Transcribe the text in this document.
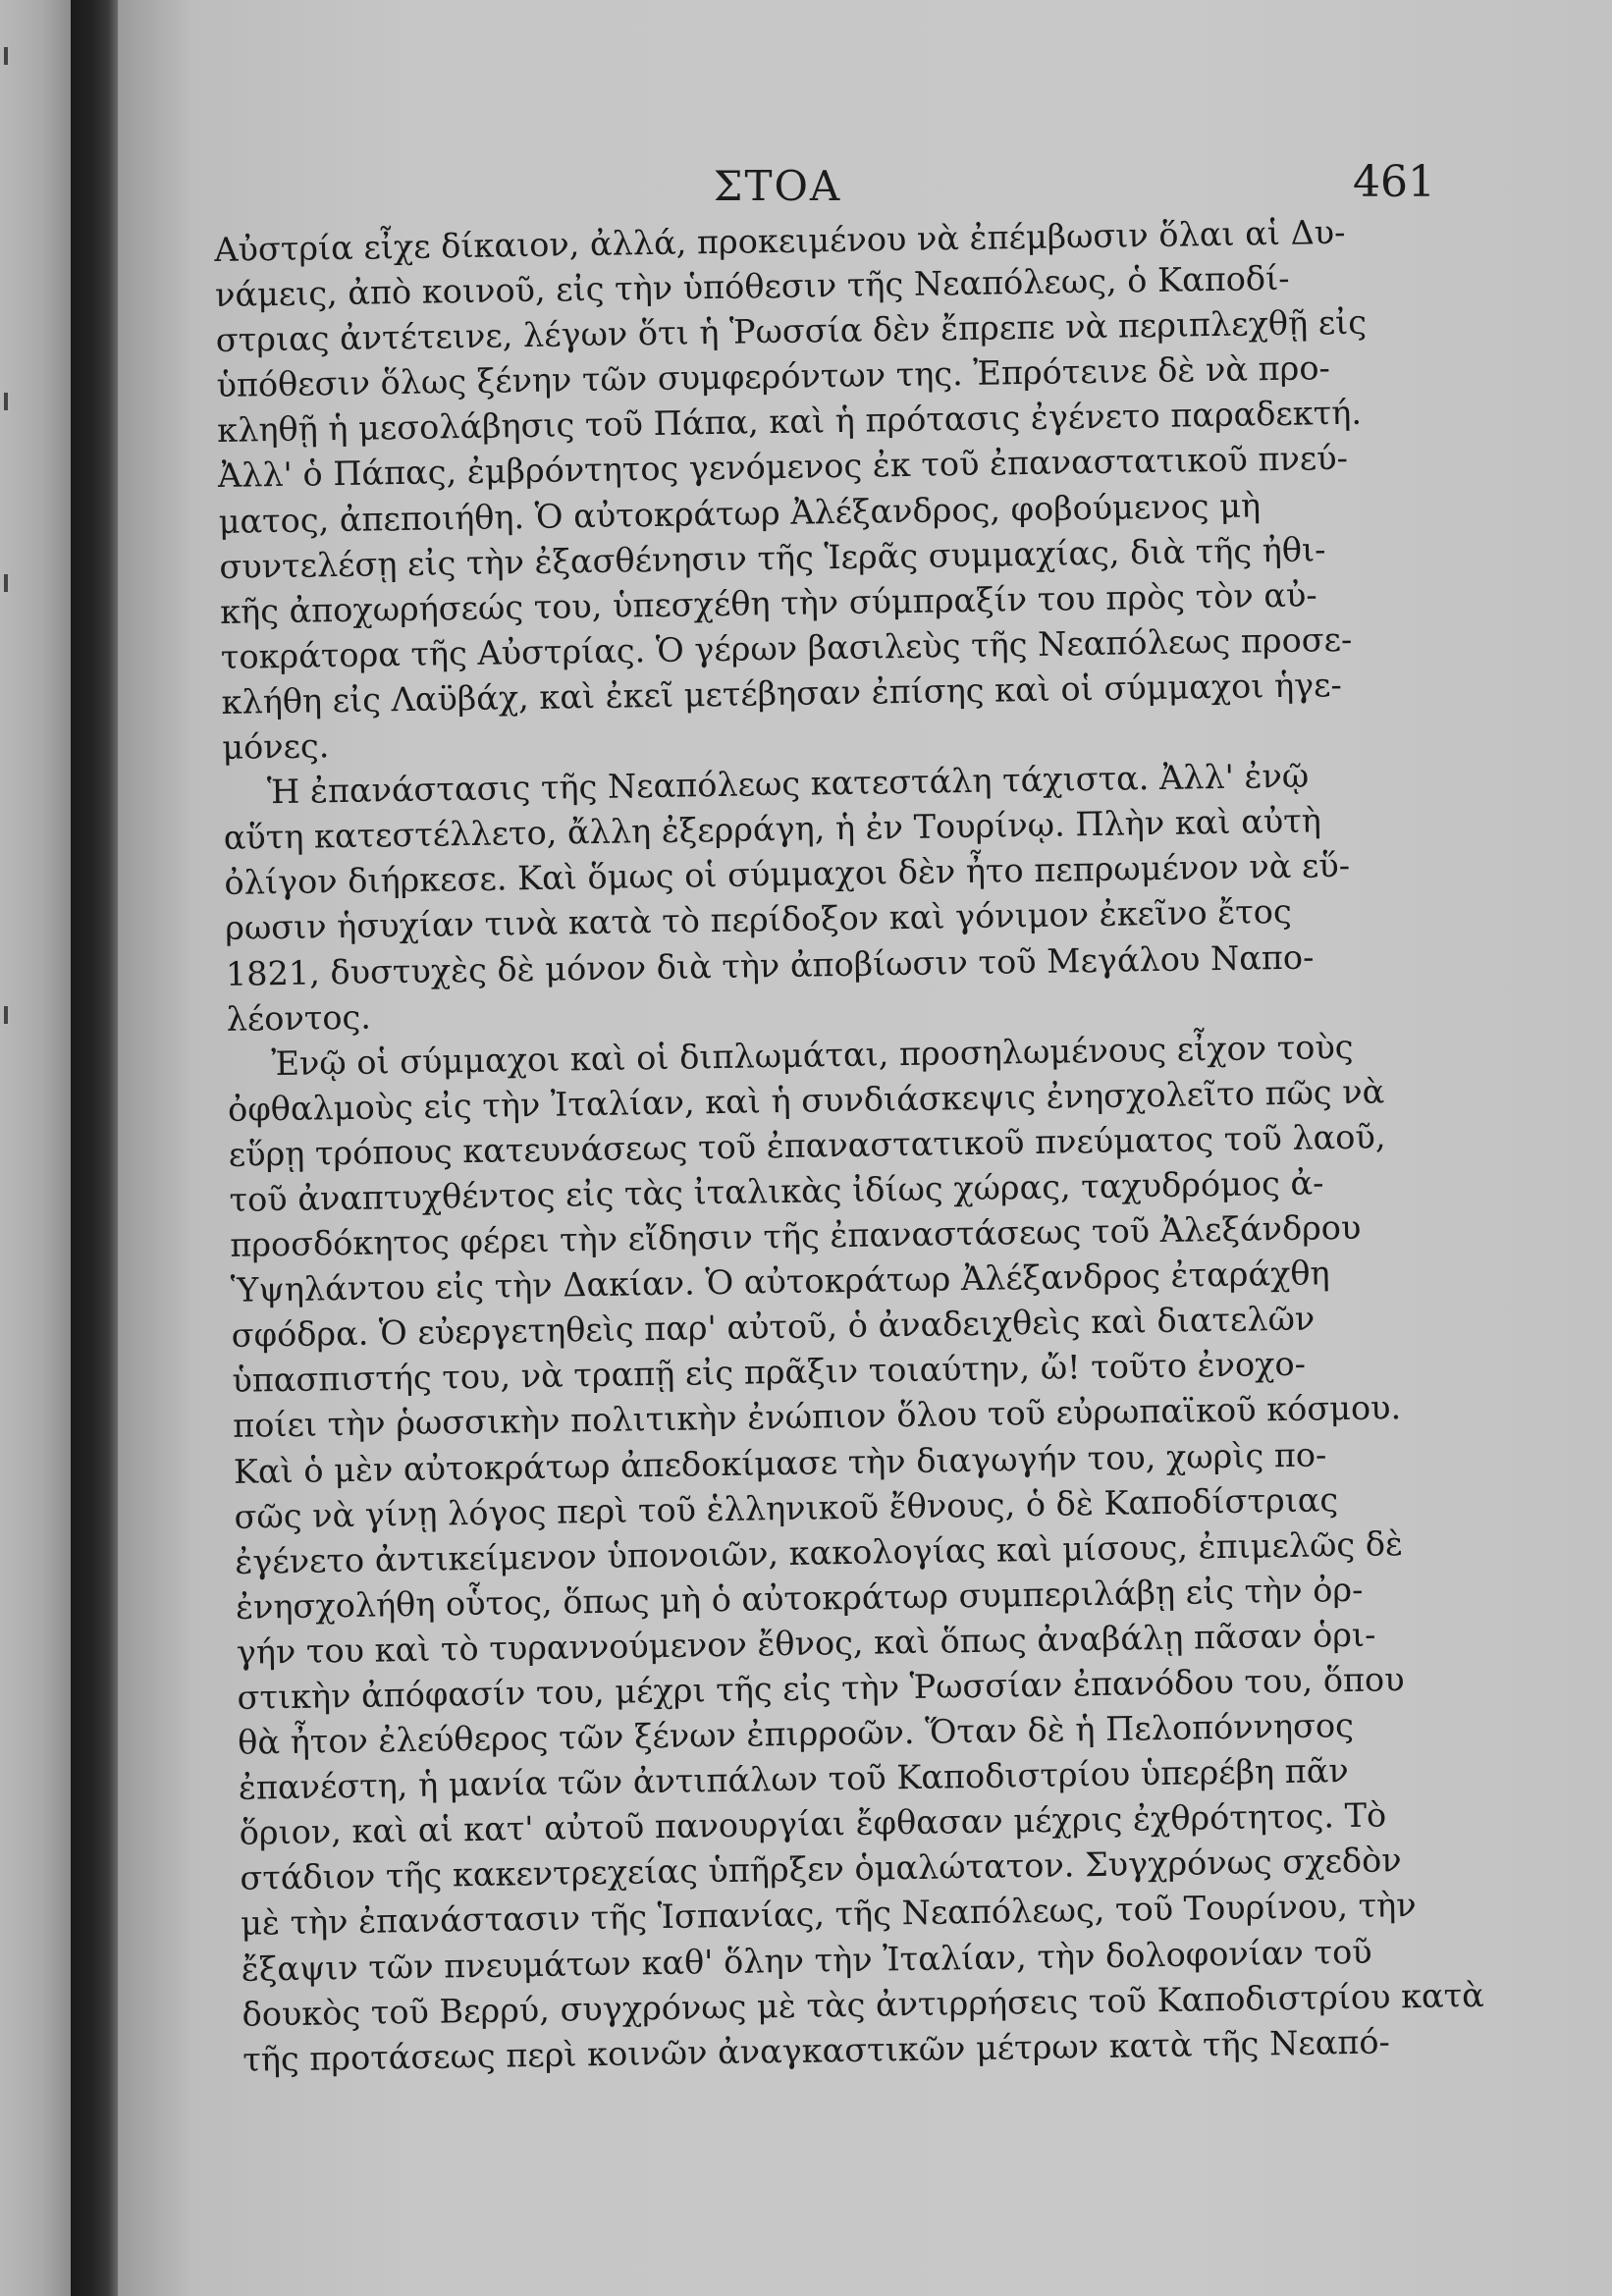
ΣΤΟΑ	461
Αὐστρία εἶχε δίκαιον, ἀλλά, προκειμένου νὰ ἐπέμβωσιν ὅλαι αἱ Δυ-
νάμεις, ἀπὸ κοινοῦ, εἰς τὴν ὑπόθεσιν τῆς Νεαπόλεως, ὁ Καποδί-
στριας ἀντέτεινε, λέγων ὅτι ἡ Ῥωσσία δὲν ἔπρεπε νὰ περιπλεχθῇ εἰς
ὑπόθεσιν ὅλως ξένην τῶν συμφερόντων της. Ἐπρότεινε δὲ νὰ προ-
κληθῇ ἡ μεσολάβησις τοῦ Πάπα, καὶ ἡ πρότασις ἐγένετο παραδεκτή.
Ἀλλ' ὁ Πάπας, ἐμβρόντητος γενόμενος ἐκ τοῦ ἐπαναστατικοῦ πνεύ-
ματος, ἀπεποιήθη. Ὁ αὐτοκράτωρ Ἀλέξανδρος, φοβούμενος μὴ
συντελέσῃ εἰς τὴν ἐξασθένησιν τῆς Ἱερᾶς συμμαχίας, διὰ τῆς ἠθι-
κῆς ἀποχωρήσεώς του, ὑπεσχέθη τὴν σύμπραξίν του πρὸς τὸν αὐ-
τοκράτορα τῆς Αὐστρίας. Ὁ γέρων βασιλεὺς τῆς Νεαπόλεως προσε-
κλήθη εἰς Λαϋβάχ, καὶ ἐκεῖ μετέβησαν ἐπίσης καὶ οἱ σύμμαχοι ἡγε-
μόνες.
Ἡ ἐπανάστασις τῆς Νεαπόλεως κατεστάλη τάχιστα. Ἀλλ' ἐνῷ
αὕτη κατεστέλλετο, ἄλλη ἐξερράγη, ἡ ἐν Τουρίνῳ. Πλὴν καὶ αὐτὴ
ὀλίγον διήρκεσε. Καὶ ὅμως οἱ σύμμαχοι δὲν ἦτο πεπρωμένον νὰ εὕ-
ρωσιν ἡσυχίαν τινὰ κατὰ τὸ περίδοξον καὶ γόνιμον ἐκεῖνο ἔτος
1821, δυστυχὲς δὲ μόνον διὰ τὴν ἀποβίωσιν τοῦ Μεγάλου Ναπο-
λέοντος.
Ἐνῷ οἱ σύμμαχοι καὶ οἱ διπλωμάται, προσηλωμένους εἶχον τοὺς
ὀφθαλμοὺς εἰς τὴν Ἰταλίαν, καὶ ἡ συνδιάσκεψις ἐνησχολεῖτο πῶς νὰ
εὕρῃ τρόπους κατευνάσεως τοῦ ἐπαναστατικοῦ πνεύματος τοῦ λαοῦ,
τοῦ ἀναπτυχθέντος εἰς τὰς ἰταλικὰς ἰδίως χώρας, ταχυδρόμος ἀ-
προσδόκητος φέρει τὴν εἴδησιν τῆς ἐπαναστάσεως τοῦ Ἀλεξάνδρου
Ὑψηλάντου εἰς τὴν Δακίαν. Ὁ αὐτοκράτωρ Ἀλέξανδρος ἐταράχθη
σφόδρα. Ὁ εὐεργετηθεὶς παρ' αὐτοῦ, ὁ ἀναδειχθεὶς καὶ διατελῶν
ὑπασπιστής του, νὰ τραπῇ εἰς πρᾶξιν τοιαύτην, ὤ! τοῦτο ἐνοχο-
ποίει τὴν ῥωσσικὴν πολιτικὴν ἐνώπιον ὅλου τοῦ εὐρωπαϊκοῦ κόσμου.
Καὶ ὁ μὲν αὐτοκράτωρ ἀπεδοκίμασε τὴν διαγωγήν του, χωρὶς πο-
σῶς νὰ γίνῃ λόγος περὶ τοῦ ἑλληνικοῦ ἔθνους, ὁ δὲ Καποδίστριας
ἐγένετο ἀντικείμενον ὑπονοιῶν, κακολογίας καὶ μίσους, ἐπιμελῶς δὲ
ἐνησχολήθη οὗτος, ὅπως μὴ ὁ αὐτοκράτωρ συμπεριλάβῃ εἰς τὴν ὀρ-
γήν του καὶ τὸ τυραννούμενον ἔθνος, καὶ ὅπως ἀναβάλῃ πᾶσαν ὁρι-
στικὴν ἀπόφασίν του, μέχρι τῆς εἰς τὴν Ῥωσσίαν ἐπανόδου του, ὅπου
θὰ ἦτον ἐλεύθερος τῶν ξένων ἐπιρροῶν. Ὅταν δὲ ἡ Πελοπόννησος
ἐπανέστη, ἡ μανία τῶν ἀντιπάλων τοῦ Καποδιστρίου ὑπερέβη πᾶν
ὅριον, καὶ αἱ κατ' αὐτοῦ πανουργίαι ἔφθασαν μέχρις ἐχθρότητος. Τὸ
στάδιον τῆς κακεντρεχείας ὑπῆρξεν ὁμαλώτατον. Συγχρόνως σχεδὸν
μὲ τὴν ἐπανάστασιν τῆς Ἱσπανίας, τῆς Νεαπόλεως, τοῦ Τουρίνου, τὴν
ἔξαψιν τῶν πνευμάτων καθ' ὅλην τὴν Ἰταλίαν, τὴν δολοφονίαν τοῦ
δουκὸς τοῦ Βερρύ, συγχρόνως μὲ τὰς ἀντιρρήσεις τοῦ Καποδιστρίου κατὰ
τῆς προτάσεως περὶ κοινῶν ἀναγκαστικῶν μέτρων κατὰ τῆς Νεαπό-
